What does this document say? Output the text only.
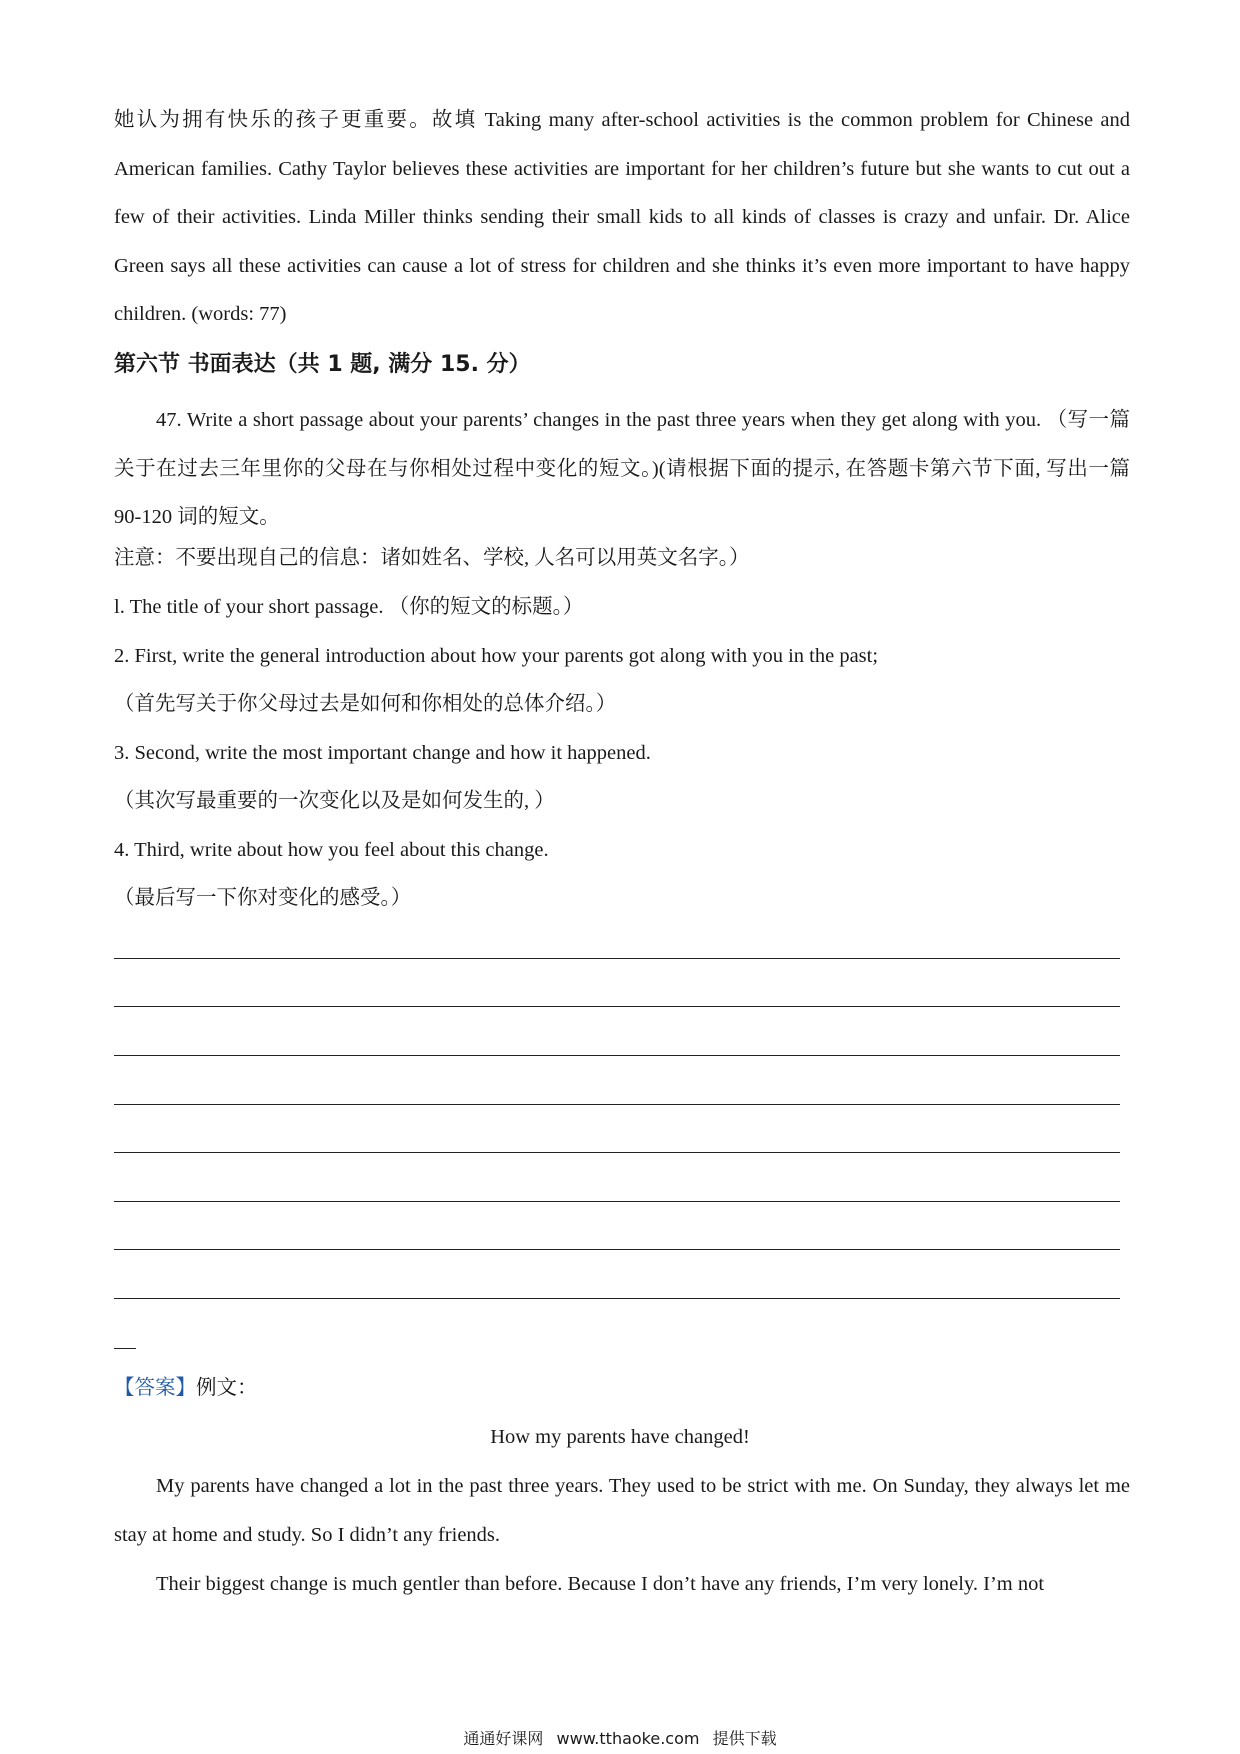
她认为拥有快乐的孩子更重要。故填 Taking many after-school activities is the common problem for Chinese and American families. Cathy Taylor believes these activities are important for her children’s future but she wants to cut out a few of their activities. Linda Miller thinks sending their small kids to all kinds of classes is crazy and unfair. Dr. Alice Green says all these activities can cause a lot of stress for children and she thinks it’s even more important to have happy children. (words: 77)

第六节 书面表达（共 1 题, 满分 15. 分）

47. Write a short passage about your parents’ changes in the past three years when they get along with you. （写一篇关于在过去三年里你的父母在与你相处过程中变化的短文。)(请根据下面的提示, 在答题卡第六节下面, 写出一篇 90-120 词的短文。

注意：不要出现自己的信息：诸如姓名、学校, 人名可以用英文名字。）

l. The title of your short passage. （你的短文的标题。）

2. First, write the general introduction about how your parents got along with you in the past;

（首先写关于你父母过去是如何和你相处的总体介绍。）

3. Second, write the most important change and how it happened.

（其次写最重要的一次变化以及是如何发生的, ）

4. Third, write about how you feel about this change.

（最后写一下你对变化的感受。）

【答案】例文：

How my parents have changed!

My parents have changed a lot in the past three years. They used to be strict with me. On Sunday, they always let me stay at home and study. So I didn’t any friends.

Their biggest change is much gentler than before. Because I don’t have any friends, I’m very lonely. I’m not

通通好课网 www.tthaoke.com 提供下载
